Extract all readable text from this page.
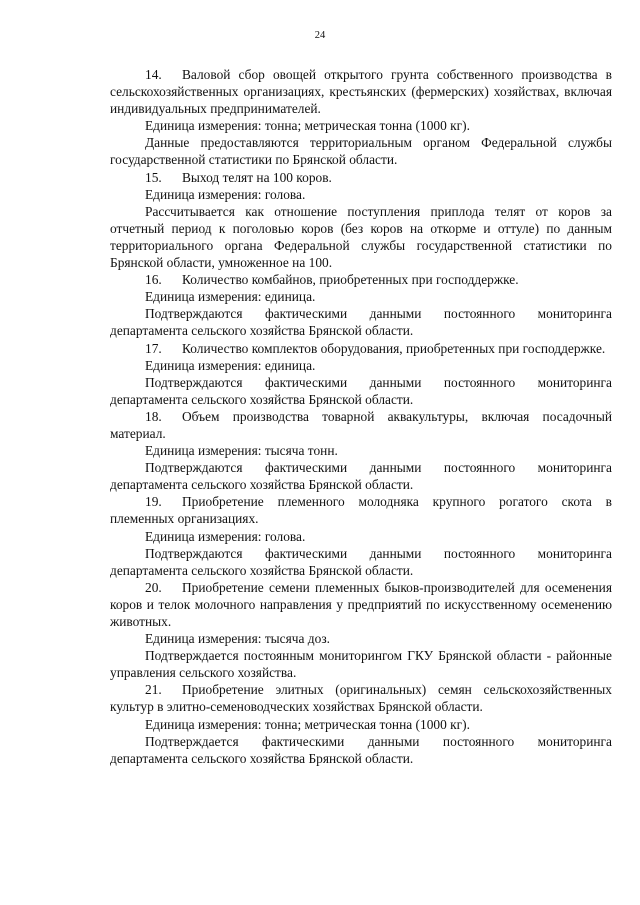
24

14. Валовой сбор овощей открытого грунта собственного производства в сельскохозяйственных организациях, крестьянских (фермерских) хозяйствах, включая индивидуальных предпринимателей.

Единица измерения: тонна; метрическая тонна (1000 кг).

Данные предоставляются территориальным органом Федеральной службы государственной статистики по Брянской области.

15. Выход телят на 100 коров.

Единица измерения: голова.

Рассчитывается как отношение поступления приплода телят от коров за отчетный период к поголовью коров (без коров на откорме и оттуле) по данным территориального органа Федеральной службы государственной статистики по Брянской области, умноженное на 100.

16. Количество комбайнов, приобретенных при господдержке.

Единица измерения: единица.

Подтверждаются фактическими данными постоянного мониторинга департамента сельского хозяйства Брянской области.

17. Количество комплектов оборудования, приобретенных при господдержке.

Единица измерения: единица.

Подтверждаются фактическими данными постоянного мониторинга департамента сельского хозяйства Брянской области.

18. Объем производства товарной аквакультуры, включая посадочный материал.

Единица измерения: тысяча тонн.

Подтверждаются фактическими данными постоянного мониторинга департамента сельского хозяйства Брянской области.

19. Приобретение племенного молодняка крупного рогатого скота в племенных организациях.

Единица измерения: голова.

Подтверждаются фактическими данными постоянного мониторинга департамента сельского хозяйства Брянской области.

20. Приобретение семени племенных быков-производителей для осеменения коров и телок молочного направления у предприятий по искусственному осеменению животных.

Единица измерения: тысяча доз.

Подтверждается постоянным мониторингом ГКУ Брянской области - районные управления сельского хозяйства.

21. Приобретение элитных (оригинальных) семян сельскохозяйственных культур в элитно-семеноводческих хозяйствах Брянской области.

Единица измерения: тонна; метрическая тонна (1000 кг).

Подтверждается фактическими данными постоянного мониторинга департамента сельского хозяйства Брянской области.
